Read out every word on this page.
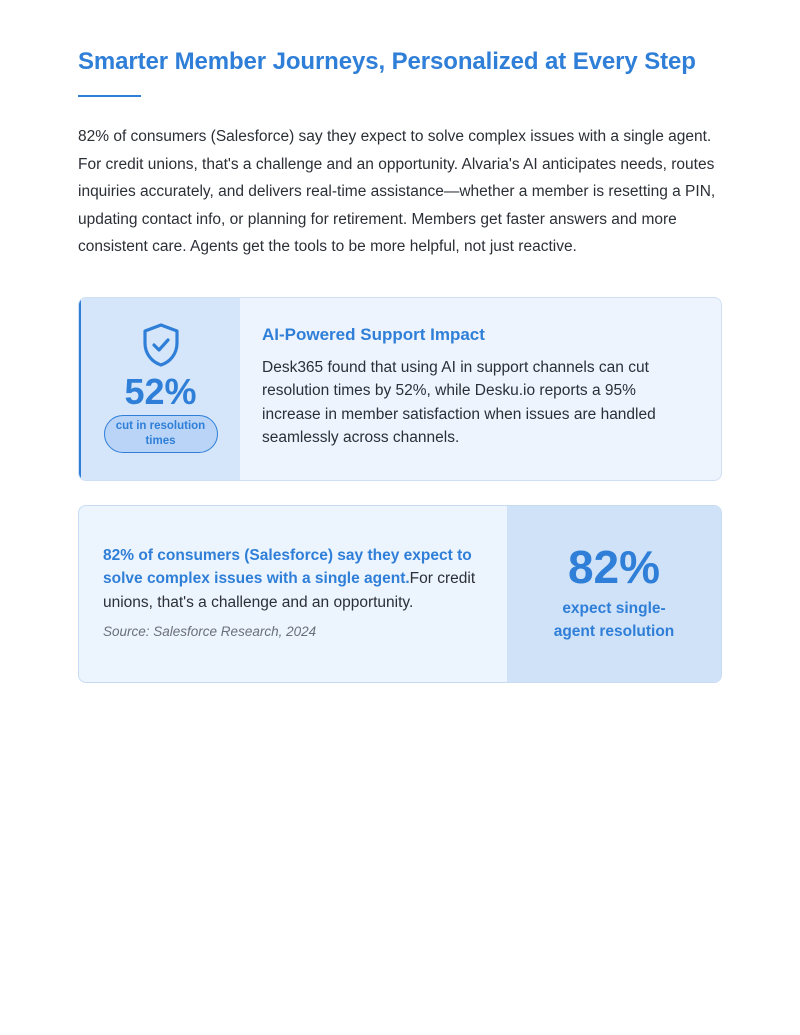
Smarter Member Journeys, Personalized at Every Step

82% of consumers (Salesforce) say they expect to solve complex issues with a single agent. For credit unions, that's a challenge and an opportunity. Alvaria's AI anticipates needs, routes inquiries accurately, and delivers real-time assistance—whether a member is resetting a PIN, updating contact info, or planning for retirement. Members get faster answers and more consistent care. Agents get the tools to be more helpful, not just reactive.

52%
cut in resolution times
AI-Powered Support Impact

Desk365 found that using AI in support channels can cut resolution times by 52%, while Desku.io reports a 95% increase in member satisfaction when issues are handled seamlessly across channels.

82% of consumers (Salesforce) say they expect to solve complex issues with a single agent.For credit unions, that's a challenge and an opportunity.

Source: Salesforce Research, 2024

82%
expect single-agent resolution
